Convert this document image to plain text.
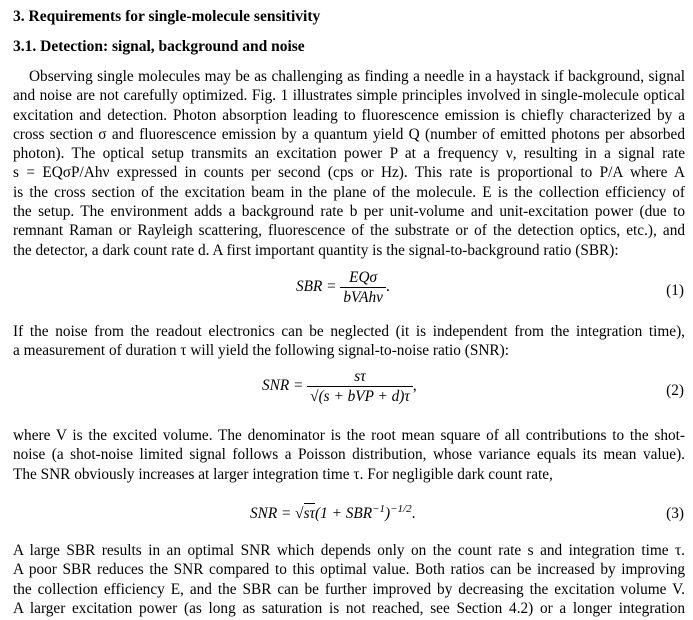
3. Requirements for single-molecule sensitivity
3.1. Detection: signal, background and noise
Observing single molecules may be as challenging as finding a needle in a haystack if background, signal
and noise are not carefully optimized. Fig. 1 illustrates simple principles involved in single-molecule optical
excitation and detection. Photon absorption leading to fluorescence emission is chiefly characterized by a
cross section σ and fluorescence emission by a quantum yield Q (number of emitted photons per absorbed
photon). The optical setup transmits an excitation power P at a frequency ν, resulting in a signal rate
s = EQσP/Ahν expressed in counts per second (cps or Hz). This rate is proportional to P/A where A
is the cross section of the excitation beam in the plane of the molecule. E is the collection efficiency of
the setup. The environment adds a background rate b per unit-volume and unit-excitation power (due to
remnant Raman or Rayleigh scattering, fluorescence of the substrate or of the detection optics, etc.), and
the detector, a dark count rate d. A first important quantity is the signal-to-background ratio (SBR):
SBR = $\frac{\text{EQσ}}{\text{bVAhν}}$ .	(1)
If the noise from the readout electronics can be neglected (it is independent from the integration time),
a measurement of duration τ will yield the following signal-to-noise ratio (SNR):
SNR = $\frac{s\tau}{\text{√(s + bVP + d)τ}}$ ,	(2)
where V is the excited volume. The denominator is the root mean square of all contributions to the shot-
noise (a shot-noise limited signal follows a Poisson distribution, whose variance equals its mean value).
The SNR obviously increases at larger integration time τ. For negligible dark count rate,
SNR = $√s\tau(1 + SBR^{-1})^{-1/2}$.	(3)
A large SBR results in an optimal SNR which depends only on the count rate s and integration time τ.
A poor SBR reduces the SNR compared to this optimal value. Both ratios can be increased by improving
the collection efficiency E, and the SBR can be further improved by decreasing the excitation volume V.
A larger excitation power (as long as saturation is not reached, see Section 4.2) or a longer integration
